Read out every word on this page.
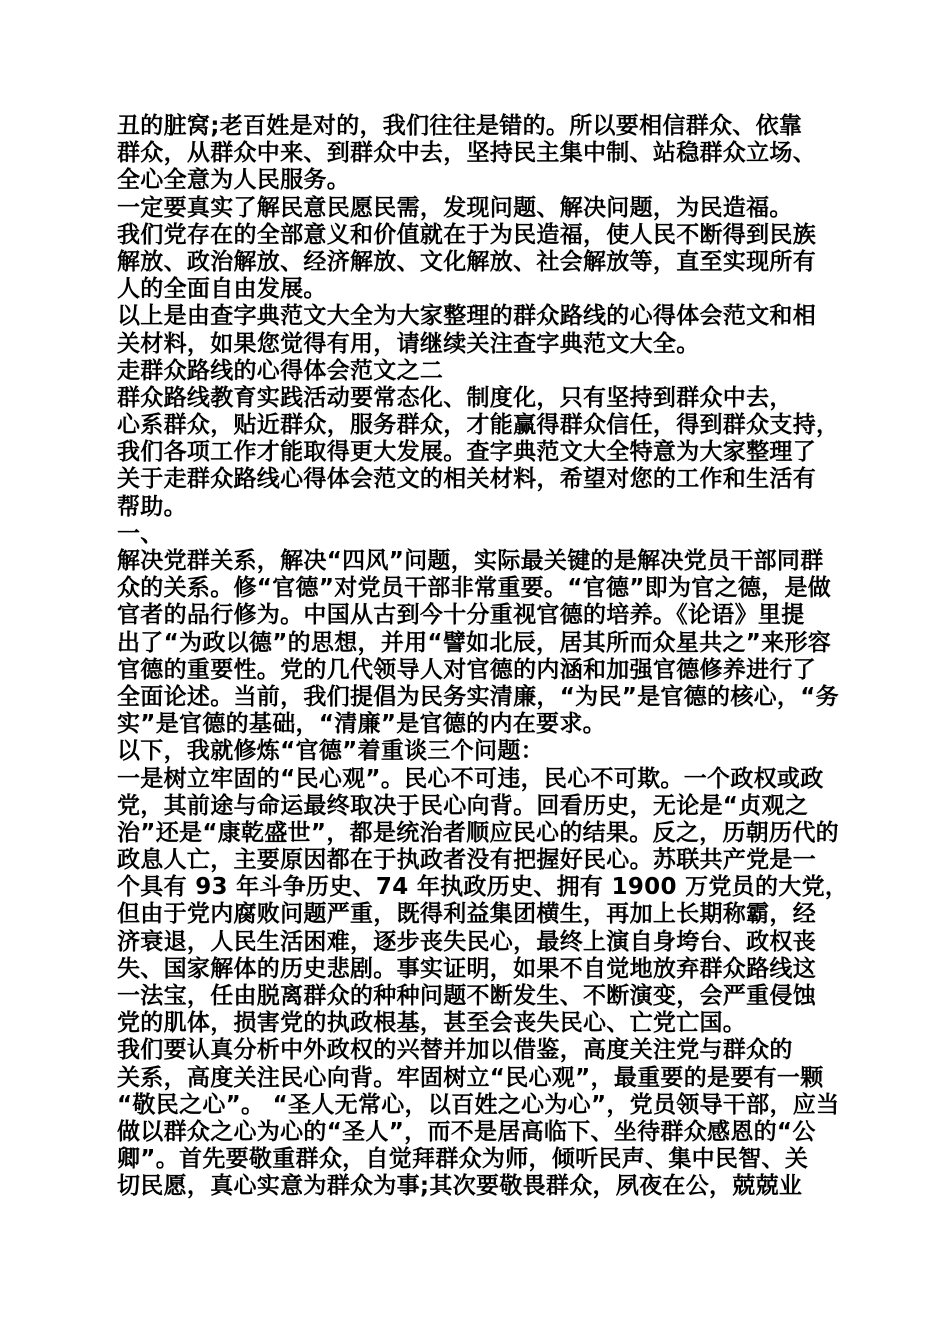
丑的脏窝;老百姓是对的，我们往往是错的。所以要相信群众、依靠
群众，从群众中来、到群众中去，坚持民主集中制、站稳群众立场、
全心全意为人民服务。
一定要真实了解民意民愿民需，发现问题、解决问题，为民造福。
我们党存在的全部意义和价值就在于为民造福，使人民不断得到民族
解放、政治解放、经济解放、文化解放、社会解放等，直至实现所有
人的全面自由发展。
以上是由查字典范文大全为大家整理的群众路线的心得体会范文和相
关材料，如果您觉得有用，请继续关注查字典范文大全。
走群众路线的心得体会范文之二
群众路线教育实践活动要常态化、制度化，只有坚持到群众中去，
心系群众，贴近群众，服务群众，才能赢得群众信任，得到群众支持，
我们各项工作才能取得更大发展。查字典范文大全特意为大家整理了
关于走群众路线心得体会范文的相关材料，希望对您的工作和生活有
帮助。
一、
解决党群关系，解决“四风”问题，实际最关键的是解决党员干部同群
众的关系。修“官德”对党员干部非常重要。“官德”即为官之德，是做
官者的品行修为。中国从古到今十分重视官德的培养。《论语》里提
出了“为政以德”的思想，并用“譬如北辰，居其所而众星共之”来形容
官德的重要性。党的几代领导人对官德的内涵和加强官德修养进行了
全面论述。当前，我们提倡为民务实清廉，“为民”是官德的核心，“务
实”是官德的基础，“清廉”是官德的内在要求。
以下，我就修炼“官德”着重谈三个问题：
一是树立牢固的“民心观”。民心不可违，民心不可欺。一个政权或政
党，其前途与命运最终取决于民心向背。回看历史，无论是“贞观之
治”还是“康乾盛世”，都是统治者顺应民心的结果。反之，历朝历代的
政息人亡，主要原因都在于执政者没有把握好民心。苏联共产党是一
个具有 93 年斗争历史、74 年执政历史、拥有 1900 万党员的大党，
但由于党内腐败问题严重，既得利益集团横生，再加上长期称霸，经
济衰退，人民生活困难，逐步丧失民心，最终上演自身垮台、政权丧
失、国家解体的历史悲剧。事实证明，如果不自觉地放弃群众路线这
一法宝，任由脱离群众的种种问题不断发生、不断演变，会严重侵蚀
党的肌体，损害党的执政根基，甚至会丧失民心、亡党亡国。
我们要认真分析中外政权的兴替并加以借鉴，高度关注党与群众的
关系，高度关注民心向背。牢固树立“民心观”，最重要的是要有一颗
“敬民之心”。 “圣人无常心，以百姓之心为心”，党员领导干部，应当
做以群众之心为心的“圣人”，而不是居高临下、坐待群众感恩的“公
卿”。首先要敬重群众，自觉拜群众为师，倾听民声、集中民智、关
切民愿，真心实意为群众为事;其次要敬畏群众，夙夜在公，兢兢业
